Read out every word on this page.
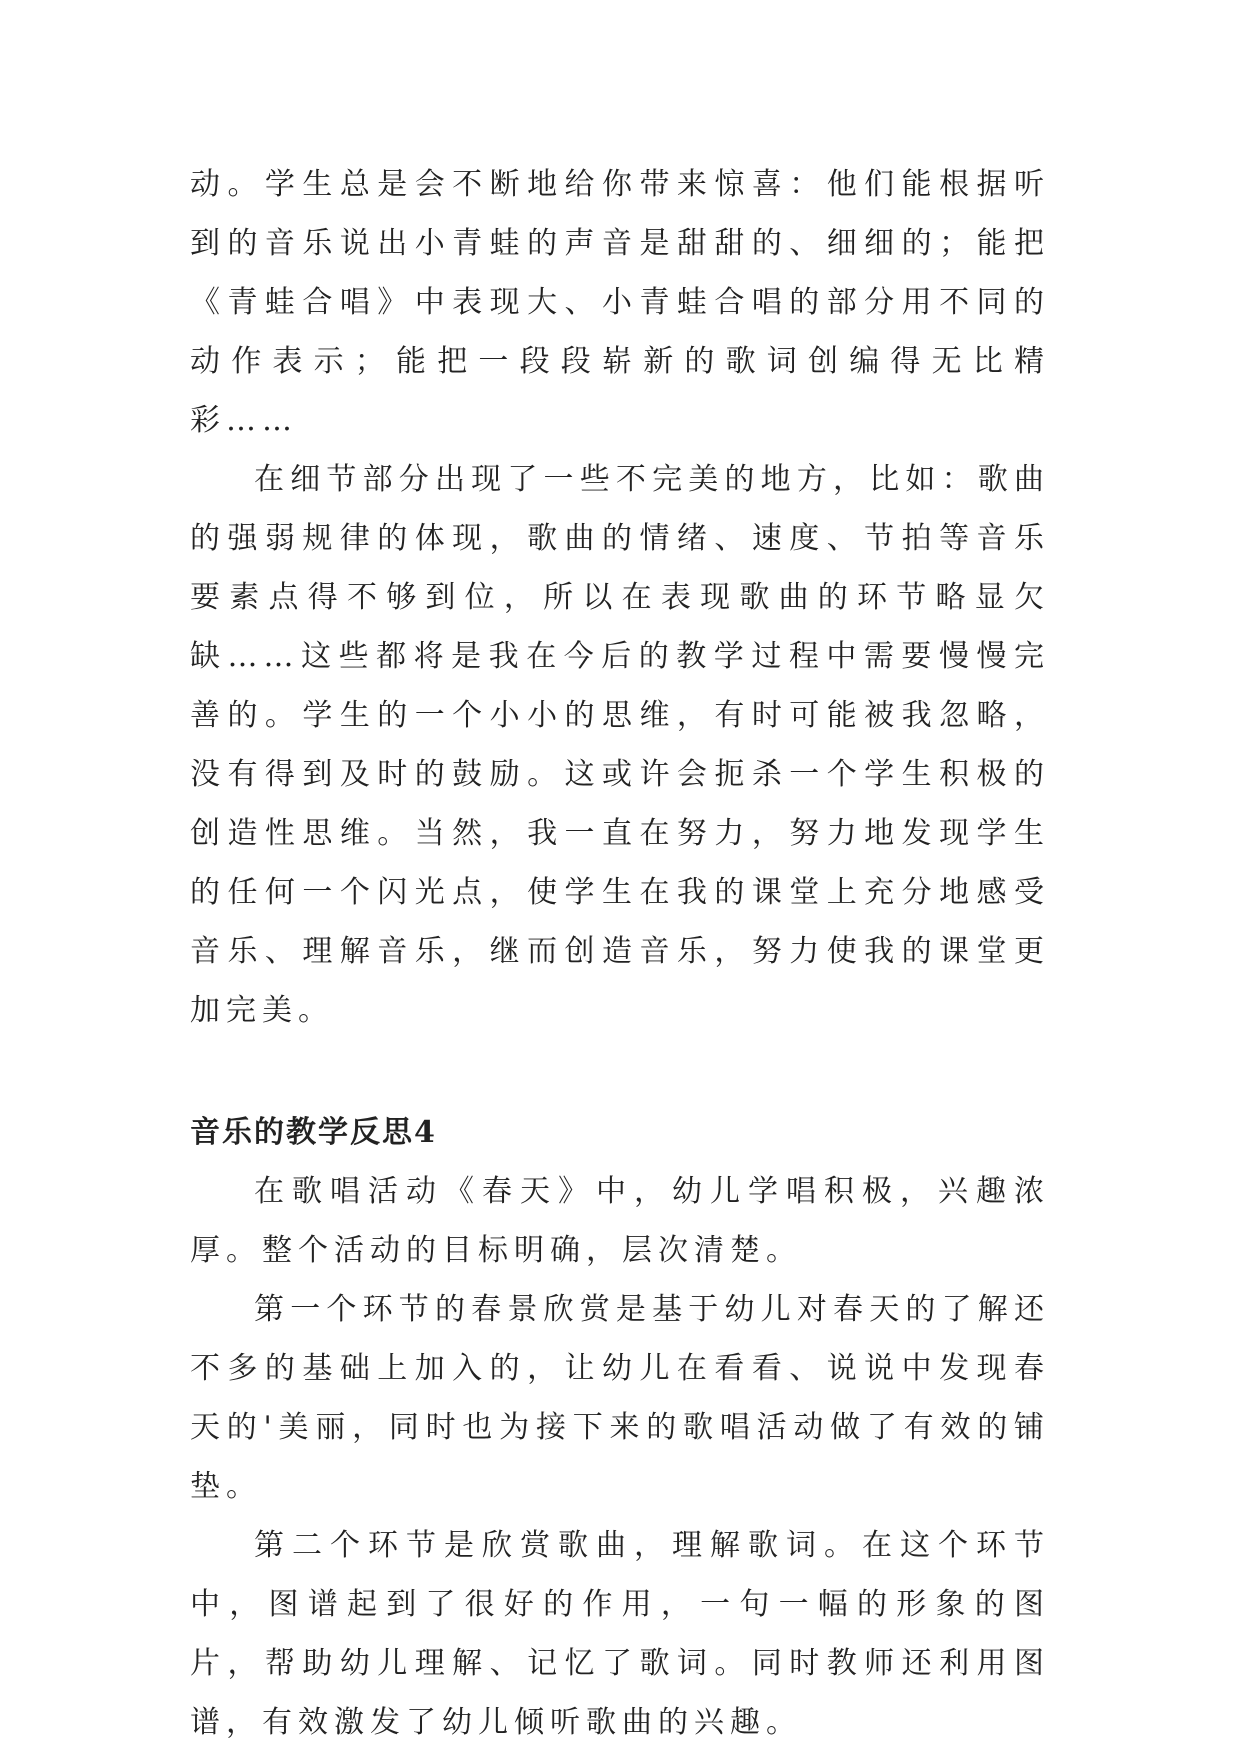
动。学生总是会不断地给你带来惊喜：他们能根据听到的音乐说出小青蛙的声音是甜甜的、细细的；能把《青蛙合唱》中表现大、小青蛙合唱的部分用不同的动作表示；能把一段段崭新的歌词创编得无比精彩……

在细节部分出现了一些不完美的地方，比如：歌曲的强弱规律的体现，歌曲的情绪、速度、节拍等音乐要素点得不够到位，所以在表现歌曲的环节略显欠缺……这些都将是我在今后的教学过程中需要慢慢完善的。学生的一个小小的思维，有时可能被我忽略，没有得到及时的鼓励。这或许会扼杀一个学生积极的创造性思维。当然，我一直在努力，努力地发现学生的任何一个闪光点，使学生在我的课堂上充分地感受音乐、理解音乐，继而创造音乐，努力使我的课堂更加完美。

音乐的教学反思4

在歌唱活动《春天》中，幼儿学唱积极，兴趣浓厚。整个活动的目标明确，层次清楚。

第一个环节的春景欣赏是基于幼儿对春天的了解还不多的基础上加入的，让幼儿在看看、说说中发现春天的'美丽，同时也为接下来的歌唱活动做了有效的铺垫。

第二个环节是欣赏歌曲，理解歌词。在这个环节中，图谱起到了很好的作用，一句一幅的形象的图片，帮助幼儿理解、记忆了歌词。同时教师还利用图谱，有效激发了幼儿倾听歌曲的兴趣。
